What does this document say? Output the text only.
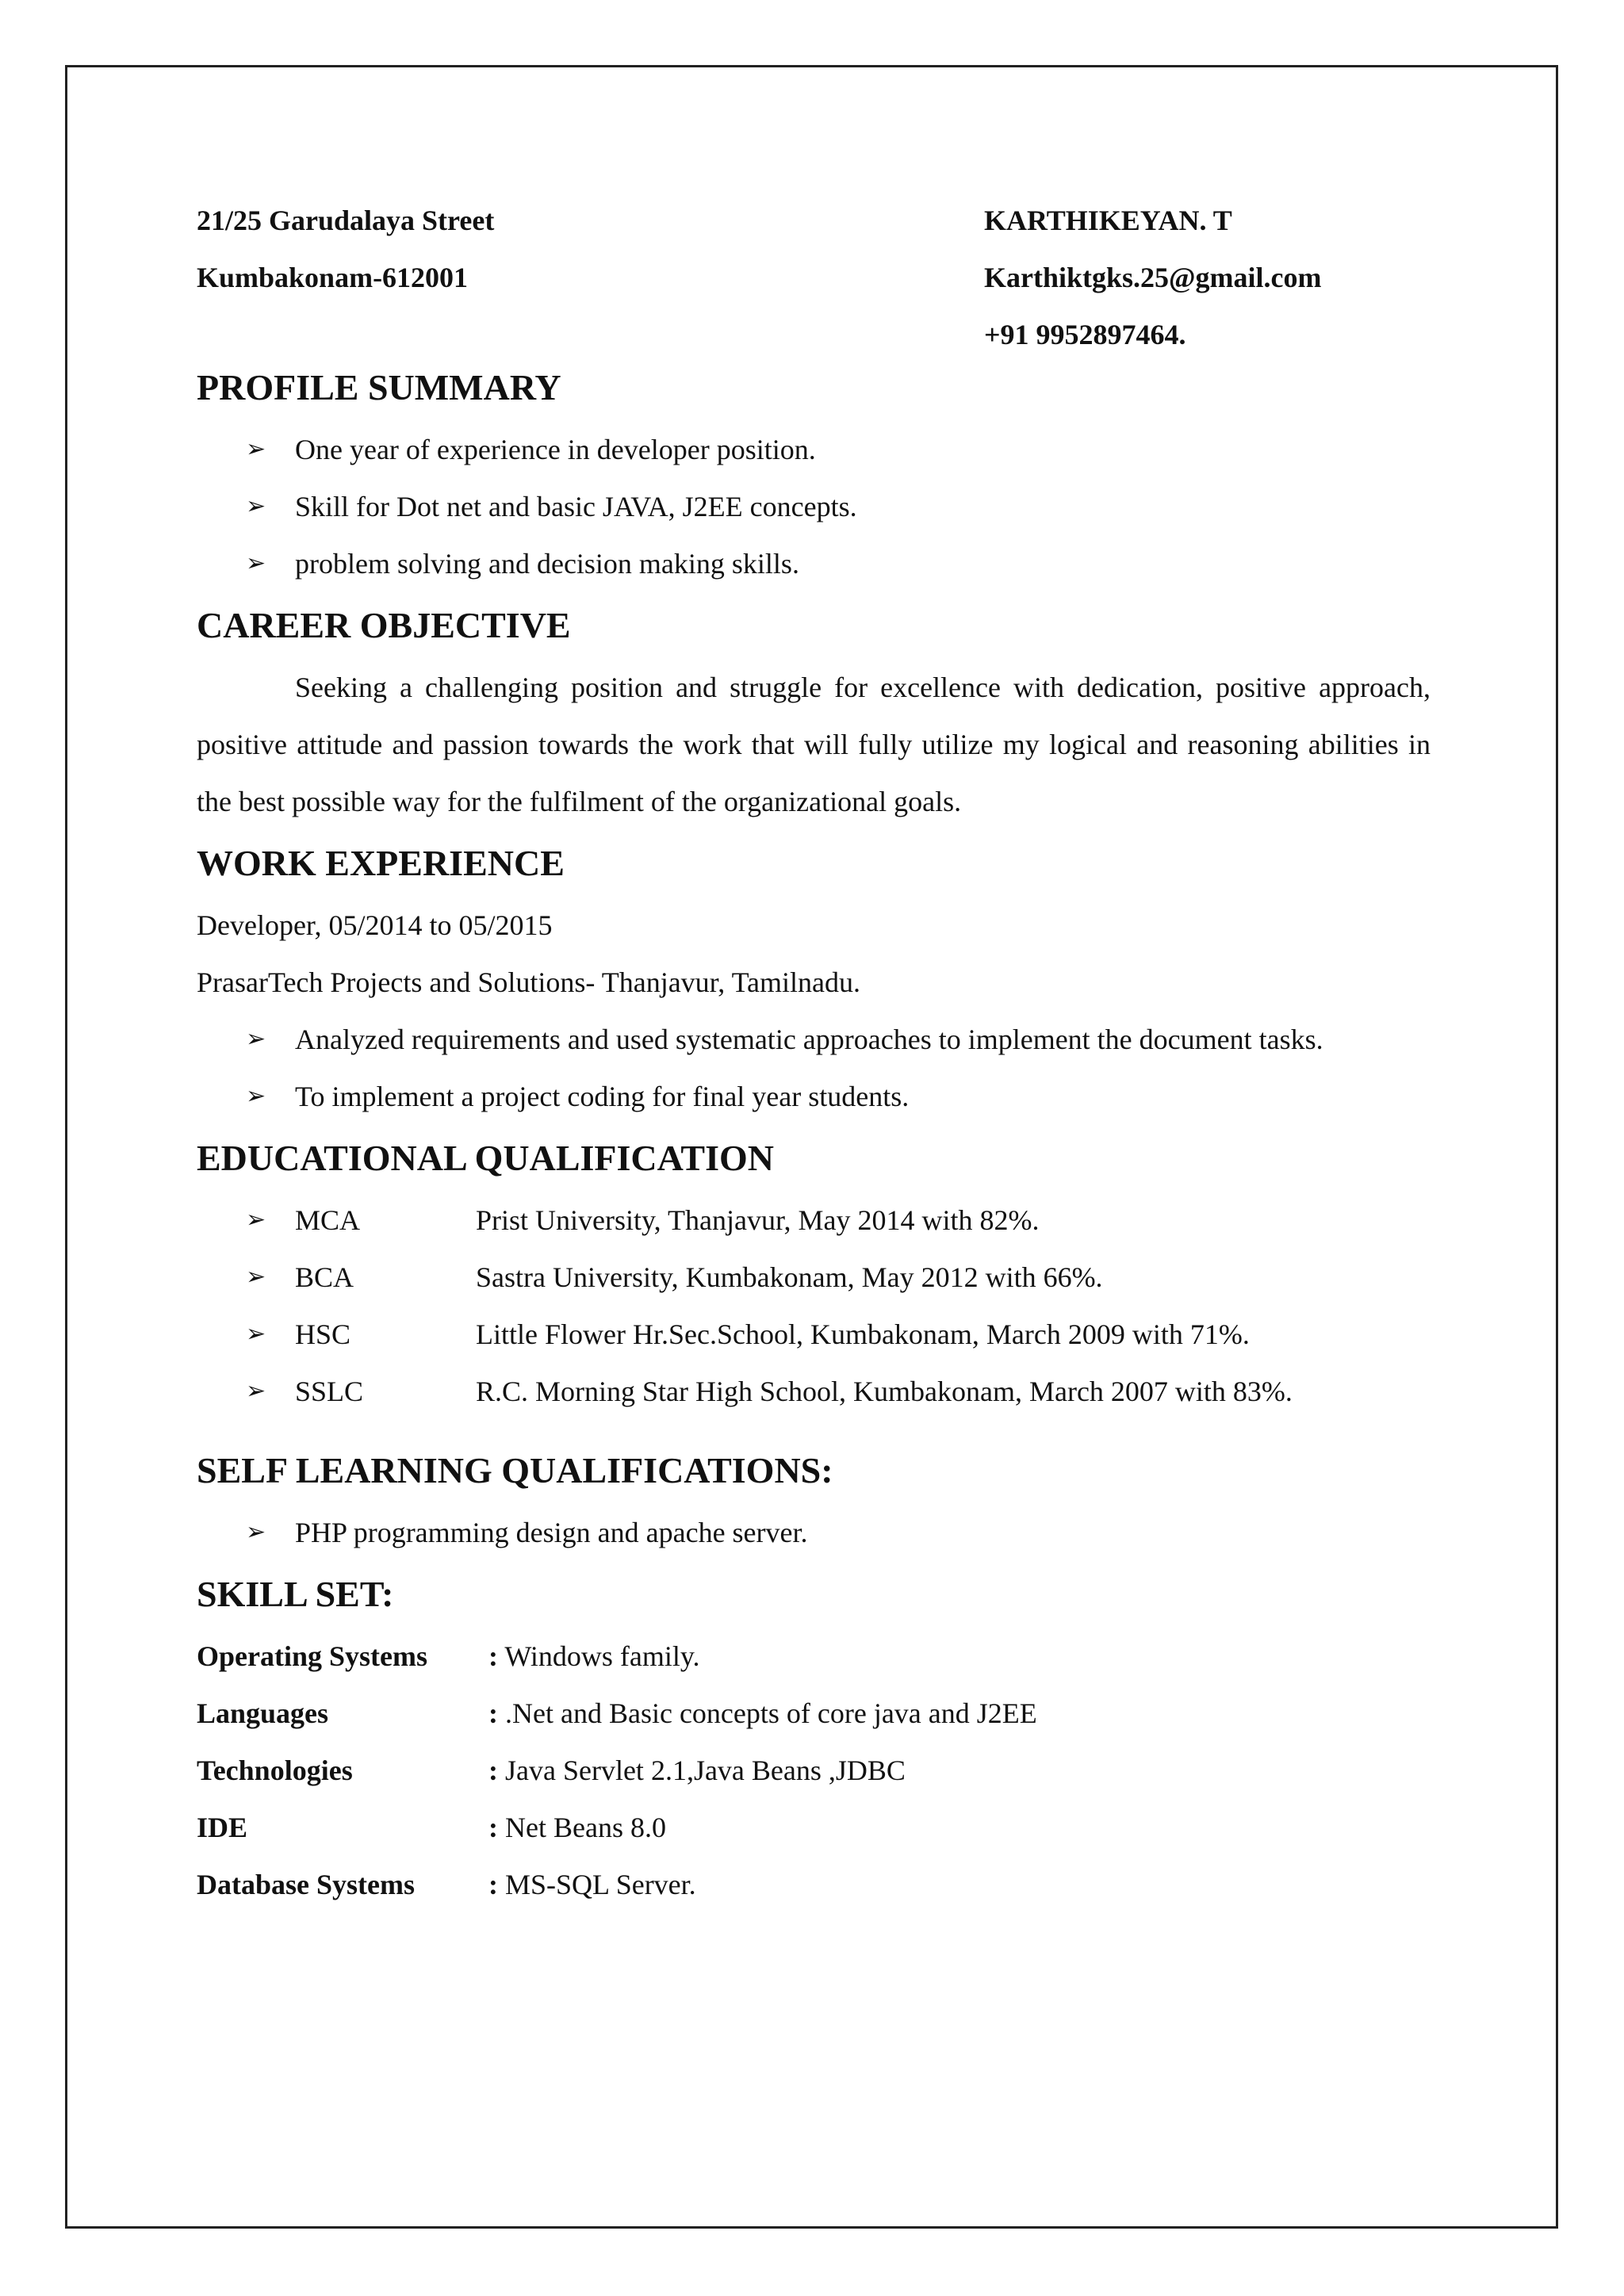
21/25 Garudalaya Street
Kumbakonam-612001
KARTHIKEYAN. T
Karthiktgks.25@gmail.com
+91 9952897464.
PROFILE SUMMARY
➢ One year of experience in developer position.
➢ Skill for Dot net and basic JAVA, J2EE concepts.
➢ problem solving and decision making skills.
CAREER OBJECTIVE

Seeking a challenging position and struggle for excellence with dedication, positive approach, positive attitude and passion towards the work that will fully utilize my logical and reasoning abilities in the best possible way for the fulfilment of the organizational goals.

WORK EXPERIENCE

Developer, 05/2014 to 05/2015

PrasarTech Projects and Solutions- Thanjavur, Tamilnadu.

➢ Analyzed requirements and used systematic approaches to implement the document tasks.
➢ To implement a project coding for final year students.
EDUCATIONAL QUALIFICATION
➢ MCA	Prist University, Thanjavur, May 2014 with 82%.
➢ BCA	Sastra University, Kumbakonam, May 2012 with 66%.
➢ HSC	Little Flower Hr.Sec.School, Kumbakonam, March 2009 with 71%.
➢ SSLC	R.C. Morning Star High School, Kumbakonam, March 2007 with 83%.
SELF LEARNING QUALIFICATIONS:
➢ PHP programming design and apache server.
SKILL SET:
Operating Systems : Windows family.
Languages	: .Net and Basic concepts of core java and J2EE
Technologies	: Java Servlet 2.1,Java Beans ,JDBC
IDE	: Net Beans 8.0
Database Systems	: MS-SQL Server.
